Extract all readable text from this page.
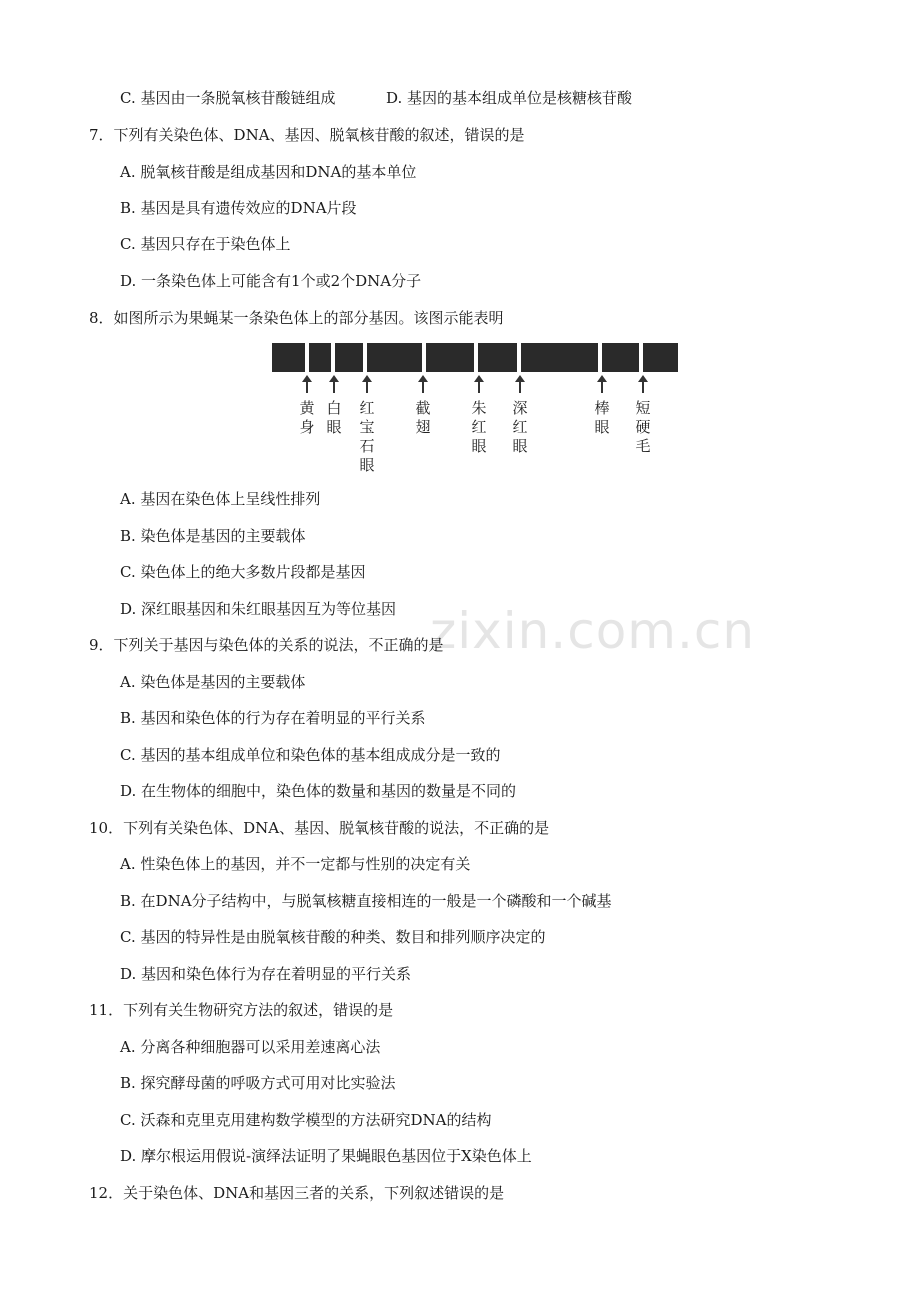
zixin.com.cn
C. 基因由一条脱氧核苷酸链组成	D. 基因的基本组成单位是核糖核苷酸
7．下列有关染色体、DNA、基因、脱氧核苷酸的叙述，错误的是
A. 脱氧核苷酸是组成基因和DNA的基本单位
B. 基因是具有遗传效应的DNA片段
C. 基因只存在于染色体上
D. 一条染色体上可能含有1个或2个DNA分子
8．如图所示为果蝇某一条染色体上的部分基因。该图示能表明
黄身
白眼
红宝石眼
截翅
朱红眼
深红眼
棒眼
短硬毛
A. 基因在染色体上呈线性排列
B. 染色体是基因的主要载体
C. 染色体上的绝大多数片段都是基因
D. 深红眼基因和朱红眼基因互为等位基因
9．下列关于基因与染色体的关系的说法，不正确的是
A. 染色体是基因的主要载体
B. 基因和染色体的行为存在着明显的平行关系
C. 基因的基本组成单位和染色体的基本组成成分是一致的
D. 在生物体的细胞中，染色体的数量和基因的数量是不同的
10．下列有关染色体、DNA、基因、脱氧核苷酸的说法，不正确的是
A. 性染色体上的基因，并不一定都与性别的决定有关
B. 在DNA分子结构中，与脱氧核糖直接相连的一般是一个磷酸和一个碱基
C. 基因的特异性是由脱氧核苷酸的种类、数目和排列顺序决定的
D. 基因和染色体行为存在着明显的平行关系
11．下列有关生物研究方法的叙述，错误的是
A. 分离各种细胞器可以采用差速离心法
B. 探究酵母菌的呼吸方式可用对比实验法
C. 沃森和克里克用建构数学模型的方法研究DNA的结构
D. 摩尔根运用假说-演绎法证明了果蝇眼色基因位于X染色体上
12．关于染色体、DNA和基因三者的关系，下列叙述错误的是
